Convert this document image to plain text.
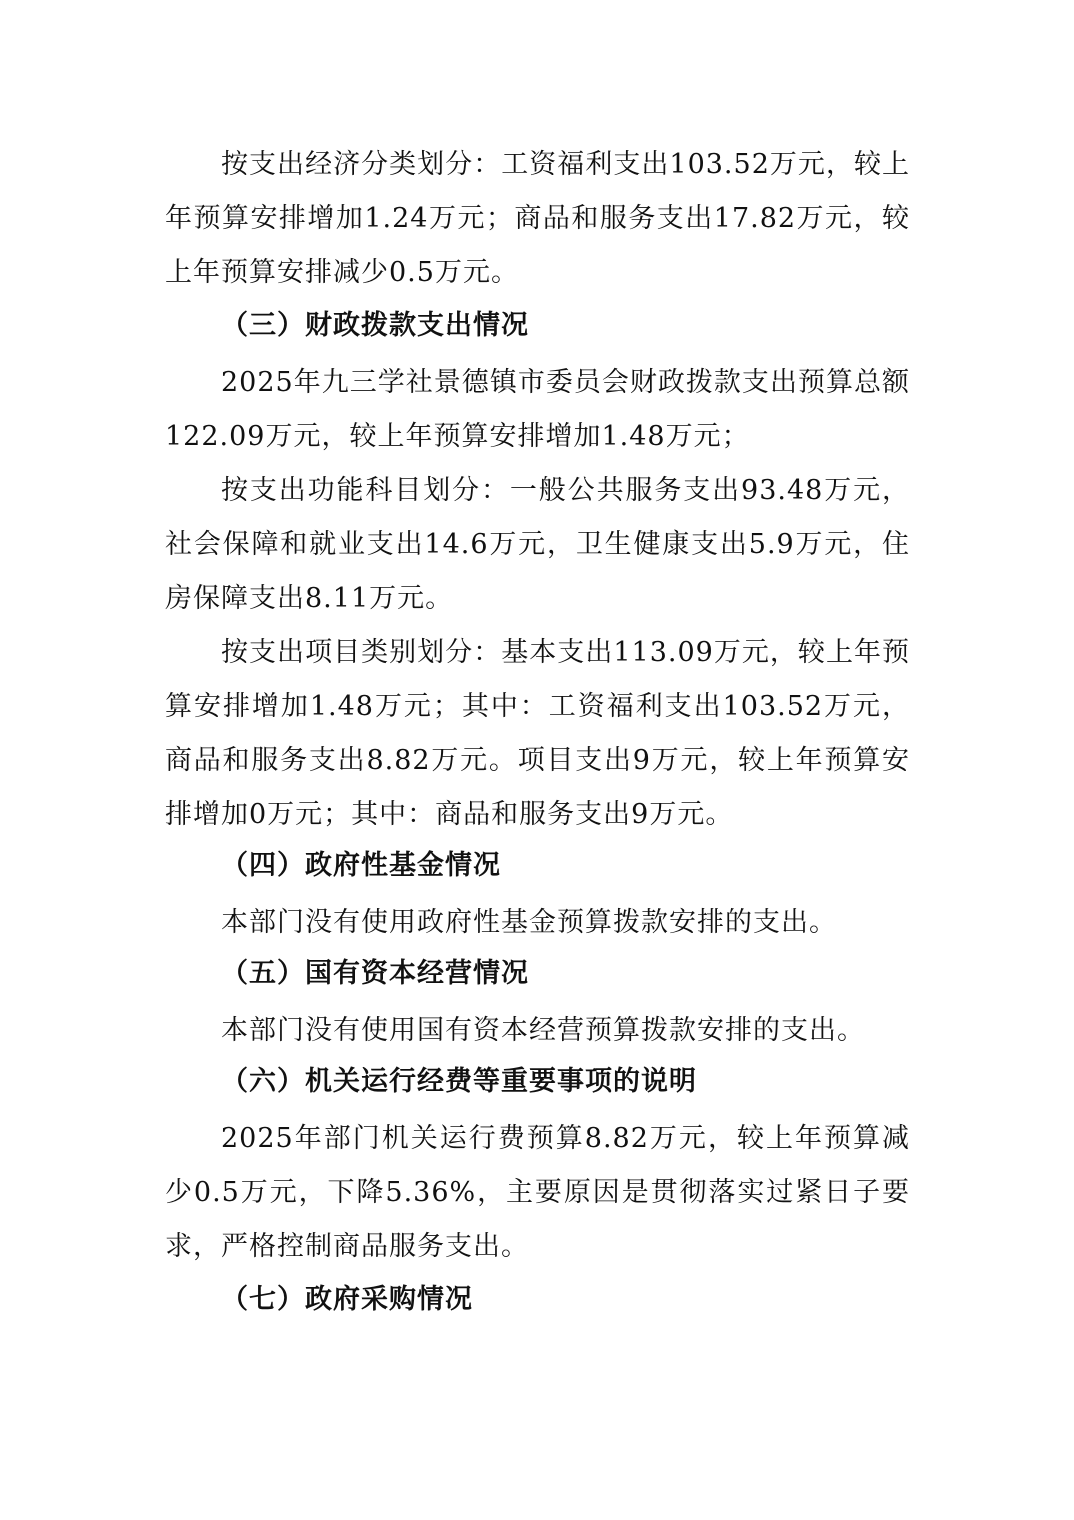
按支出经济分类划分：工资福利支出103.52万元，较上年预算安排增加1.24万元；商品和服务支出17.82万元，较上年预算安排减少0.5万元。

（三）财政拨款支出情况

2025年九三学社景德镇市委员会财政拨款支出预算总额122.09万元，较上年预算安排增加1.48万元；

按支出功能科目划分：一般公共服务支出93.48万元，社会保障和就业支出14.6万元，卫生健康支出5.9万元，住房保障支出8.11万元。

按支出项目类别划分：基本支出113.09万元，较上年预算安排增加1.48万元；其中：工资福利支出103.52万元，商品和服务支出8.82万元。项目支出9万元，较上年预算安排增加0万元；其中：商品和服务支出9万元。

（四）政府性基金情况

本部门没有使用政府性基金预算拨款安排的支出。

（五）国有资本经营情况

本部门没有使用国有资本经营预算拨款安排的支出。

（六）机关运行经费等重要事项的说明

2025年部门机关运行费预算8.82万元，较上年预算减少0.5万元，下降5.36%，主要原因是贯彻落实过紧日子要求，严格控制商品服务支出。

（七）政府采购情况
